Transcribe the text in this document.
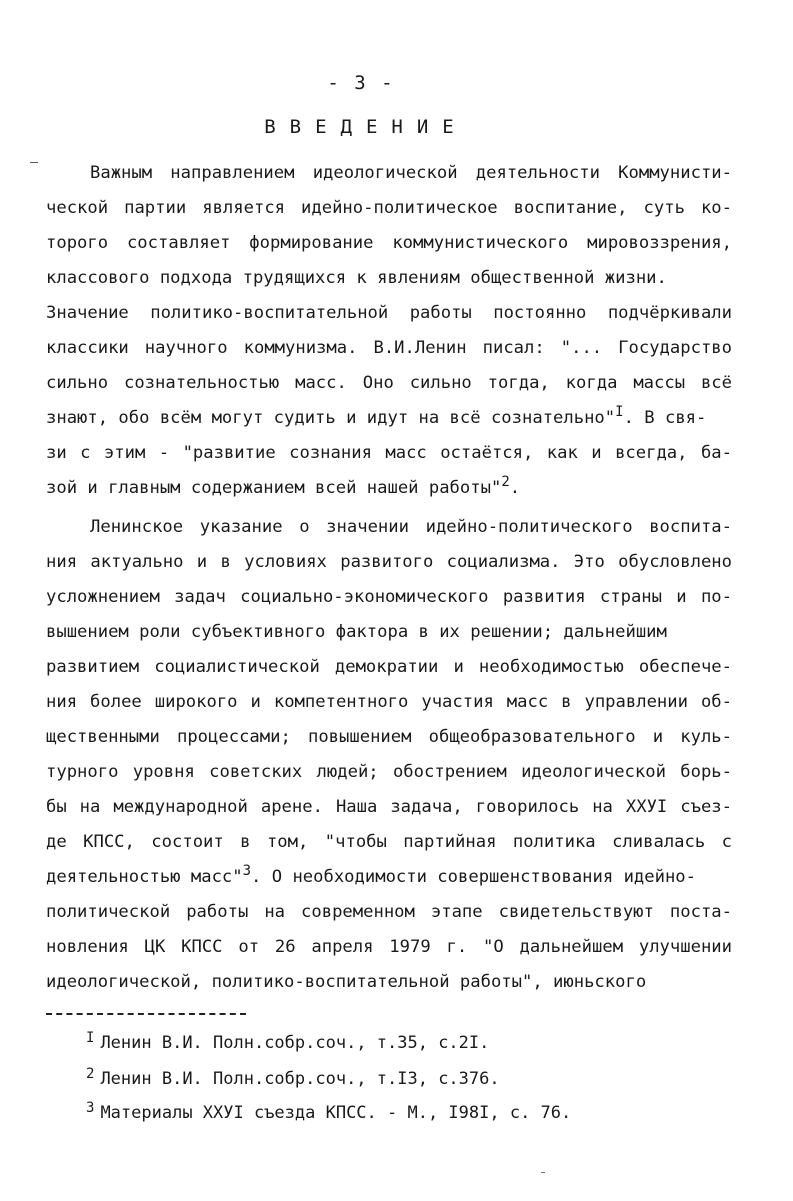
- 3 -
ВВЕДЕНИЕ
Важным направлением идеологической деятельности Коммунисти-
ческой партии является идейно-политическое воспитание, суть ко-
торого составляет формирование коммунистического мировоззрения,
классового подхода трудящихся к явлениям общественной жизни.
Значение политико-воспитательной работы постоянно подчёркивали
классики научного коммунизма. В.И.Ленин писал: "... Государство
сильно сознательностью масс. Оно сильно тогда, когда массы всё
знают, обо всём могут судить и идут на всё сознательно"$^I$. В свя-
зи с этим - "развитие сознания масс остаётся, как и всегда, ба-
зой и главным содержанием всей нашей работы"$^2$.
Ленинское указание о значении идейно-политического воспита-
ния актуально и в условиях развитого социализма. Это обусловлено
усложнением задач социально-экономического развития страны и по-
вышением роли субъективного фактора в их решении; дальнейшим
развитием социалистической демократии и необходимостью обеспече-
ния более широкого и компетентного участия масс в управлении об-
щественными процессами; повышением общеобразовательного и куль-
турного уровня советских людей; обострением идеологической борь-
бы на международной арене. Наша задача, говорилось на ХХУI съез-
де КПСС, состоит в том, "чтобы партийная политика сливалась с
деятельностью масс"$^3$. О необходимости совершенствования идейно-
политической работы на современном этапе свидетельствуют поста-
новления ЦК КПСС от 26 апреля 1979 г. "О дальнейшем улучшении
идеологической, политико-воспитательной работы", июньского
$^I$ Ленин В.И. Полн.собр.соч., т.35, с.2I.
$^2$ Ленин В.И. Полн.собр.соч., т.I3, с.376.
$^3$ Материалы ХХУI съезда КПСС. - М., I98I, с. 76.
